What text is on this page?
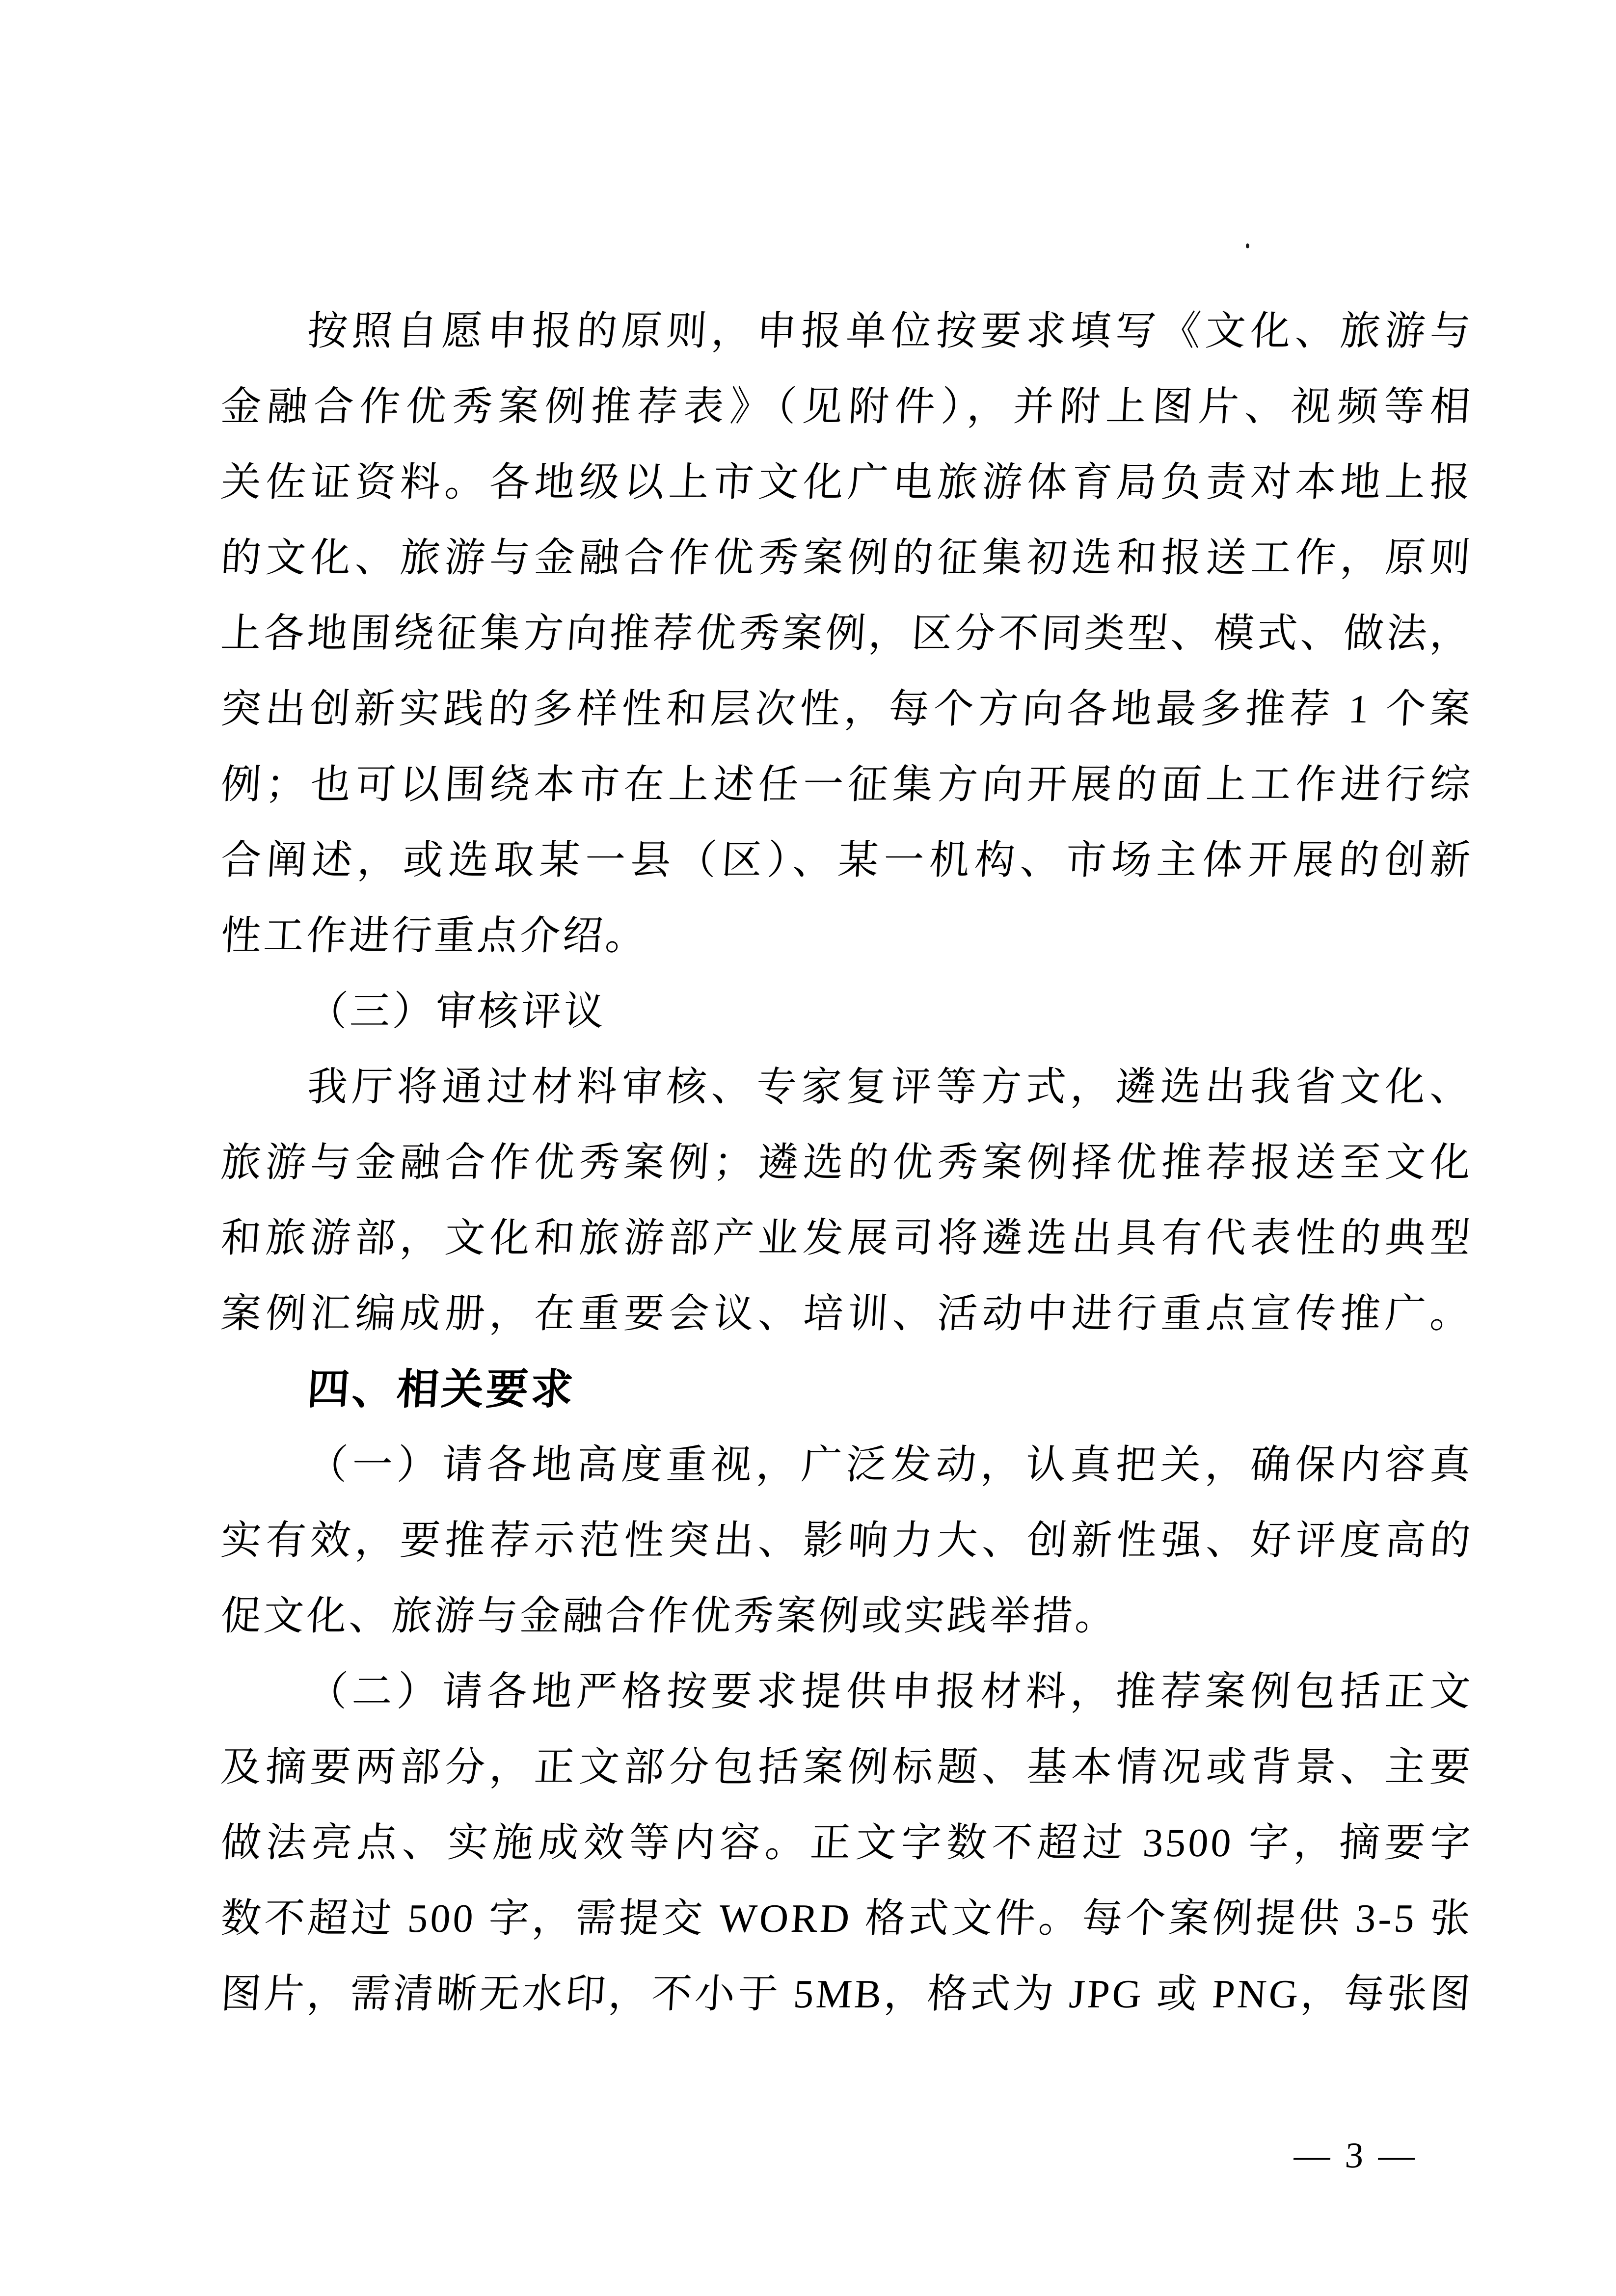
按照自愿申报的原则，申报单位按要求填写《文化、旅游与

金融合作优秀案例推荐表》（见附件），并附上图片、视频等相

关佐证资料。各地级以上市文化广电旅游体育局负责对本地上报

的文化、旅游与金融合作优秀案例的征集初选和报送工作，原则

上各地围绕征集方向推荐优秀案例，区分不同类型、模式、做法，

突出创新实践的多样性和层次性，每个方向各地最多推荐 1 个案

例；也可以围绕本市在上述任一征集方向开展的面上工作进行综

合阐述，或选取某一县（区）、某一机构、市场主体开展的创新

性工作进行重点介绍。

（三）审核评议

我厅将通过材料审核、专家复评等方式，遴选出我省文化、

旅游与金融合作优秀案例；遴选的优秀案例择优推荐报送至文化

和旅游部，文化和旅游部产业发展司将遴选出具有代表性的典型

案例汇编成册，在重要会议、培训、活动中进行重点宣传推广。

四、相关要求

（一）请各地高度重视，广泛发动，认真把关，确保内容真

实有效，要推荐示范性突出、影响力大、创新性强、好评度高的

促文化、旅游与金融合作优秀案例或实践举措。

（二）请各地严格按要求提供申报材料，推荐案例包括正文

及摘要两部分，正文部分包括案例标题、基本情况或背景、主要

做法亮点、实施成效等内容。正文字数不超过 3500 字，摘要字

数不超过 500 字，需提交 WORD 格式文件。每个案例提供 3-5 张

图片，需清晰无水印，不小于 5MB，格式为 JPG 或 PNG，每张图

— 3 —
